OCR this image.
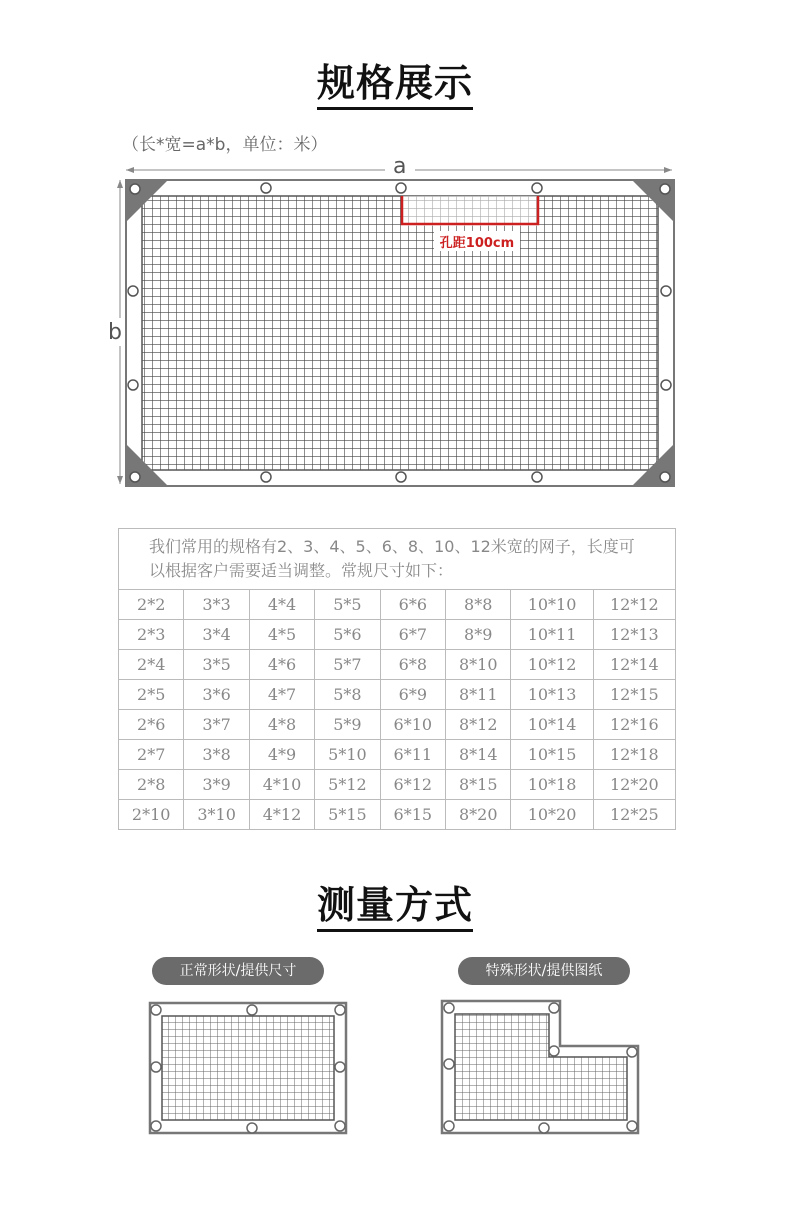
规格展示
（长*宽=a*b，单位：米）
a
b
孔距100cm
我们常用的规格有2、3、4、5、6、8、10、12米宽的网子，长度可以根据客户需要适当调整。常规尺寸如下：							
2*2	3*3	4*4	5*5	6*6	8*8	10*10	12*12
2*3	3*4	4*5	5*6	6*7	8*9	10*11	12*13
2*4	3*5	4*6	5*7	6*8	8*10	10*12	12*14
2*5	3*6	4*7	5*8	6*9	8*11	10*13	12*15
2*6	3*7	4*8	5*9	6*10	8*12	10*14	12*16
2*7	3*8	4*9	5*10	6*11	8*14	10*15	12*18
2*8	3*9	4*10	5*12	6*12	8*15	10*18	12*20
2*10	3*10	4*12	5*15	6*15	8*20	10*20	12*25
测量方式
正常形状/提供尺寸	特殊形状/提供图纸
